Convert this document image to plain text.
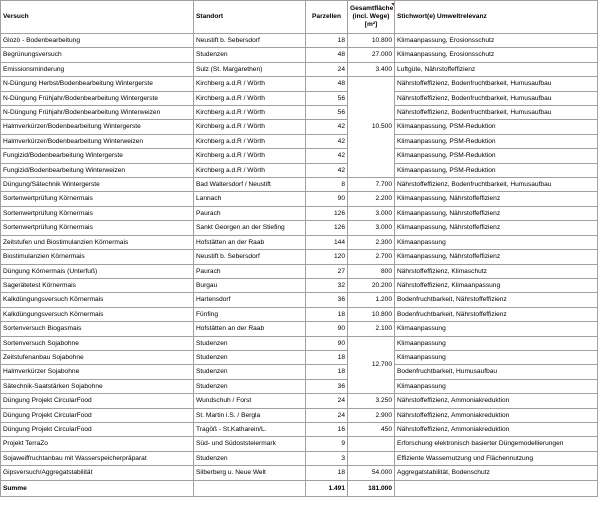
Versuch	Standort	Parzellen	Gesamtfläche
(incl. Wege)
[m²]	Stichwort(e) Umweltrelevanz
Glozö - Bodenbearbeitung	Neustift b. Sebersdorf	18	10.800	Klimaanpassung, Erosionsschutz
Begrünungsversuch	Studenzen	48	27.000	Klimaanpassung, Erosionsschutz
Emissionsminderung	Sulz (St. Margarethen)	24	3.400	Luftgüte, Nährstoffeffizienz
N-Düngung Herbst/Bodenbearbeitung Wintergerste	Kirchberg a.d.R / Wörth	48	10.500	Nährstoffeffizienz, Bodenfruchtbarkeit, Humusaufbau
N-Düngung Frühjahr/Bodenbearbeitung Wintergerste	Kirchberg a.d.R / Wörth	56		Nährstoffeffizienz, Bodenfruchtbarkeit, Humusaufbau
N-Düngung Frühjahr/Bodenbearbeitung Winterweizen	Kirchberg a.d.R / Wörth	56		Nährstoffeffizienz, Bodenfruchtbarkeit, Humusaufbau
Halmverkürzer/Bodenbearbeitung Wintergerste	Kirchberg a.d.R / Wörth	42		Klimaanpassung, PSM-Reduktion
Halmverkürzer/Bodenbearbeitung Winterweizen	Kirchberg a.d.R / Wörth	42		Klimaanpassung, PSM-Reduktion
Fungizid/Bodenbearbeitung Wintergerste	Kirchberg a.d.R / Wörth	42		Klimaanpassung, PSM-Reduktion
Fungizid/Bodenbearbeitung Winterweizen	Kirchberg a.d.R / Wörth	42		Klimaanpassung, PSM-Reduktion
Düngung/Sätechnik Wintergerste	Bad Waltersdorf / Neustift	8	7.700	Nährstoffeffizienz, Bodenfruchtbarkeit, Humusaufbau
Sortenwertprüfung Körnermais	Lannach	90	2.200	Klimaanpassung, Nährstoffeffizienz
Sortenwertprüfung Körnermais	Paurach	126	3.000	Klimaanpassung, Nährstoffeffizienz
Sortenwertprüfung Körnermais	Sankt Georgen an der Stiefing	126	3.000	Klimaanpassung, Nährstoffeffizienz
Zeitstufen und Biostimulanzien Körnermais	Hofstätten an der Raab	144	2.300	Klimaanpassung
Biostimulanzien Körnermais	Neustift b. Sebersdorf	120	2.700	Klimaanpassung, Nährstoffeffizienz
Düngung Körnermais (Unterfuß)	Paurach	27	800	Nährstoffeffizienz, Klimaschutz
Sagerätetest Körnermais	Burgau	32	20.200	Nährstoffeffizienz, Klimaanpassung
Kalkdüngungsversuch Körnermais	Hartensdorf	36	1.200	Bodenfruchtbarkeit, Nährstoffeffizienz
Kalkdüngungsversuch Körnermais	Fünfing	18	10.800	Bodenfruchtbarkeit, Nährstoffeffizienz
Sortenversuch Biogasmais	Hofstätten an der Raab	90	2.100	Klimaanpassung
Sortenversuch Sojabohne	Studenzen	90	12.700	Klimaanpassung
Zeitstufenanbau Sojabohne	Studenzen	18		Klimaanpassung
Halmverkürzer Sojabohne	Studenzen	18		Bodenfruchtbarkeit, Humusaufbau
Sätechnik-Saatstärken Sojabohne	Studenzen	36		Klimaanpassung
Düngung Projekt CircularFood	Wundschuh / Forst	24	3.250	Nährstoffeffizienz, Ammoniakreduktion
Düngung Projekt CircularFood	St. Martin i.S. / Bergla	24	2.900	Nährstoffeffizienz, Ammoniakreduktion
Düngung Projekt CircularFood	Tragöß - St.Katharein/L.	16	450	Nährstoffeffizienz, Ammoniakreduktion
Projekt TerraZo	Süd- und Südoststeiermark	9		Erforschung elektronisch basierter Düngemodellierungen
Sojaweiffruchtanbau mit Wasserspeicherpräparat	Studenzen	3		Effiziente Wassernutzung und Flächennutzung
Gipsversuch/Aggregatstabilität	Silberberg u. Neue Welt	18	54.000	Aggregatstabilität, Bodenschutz
Summe		1.491	181.000	
